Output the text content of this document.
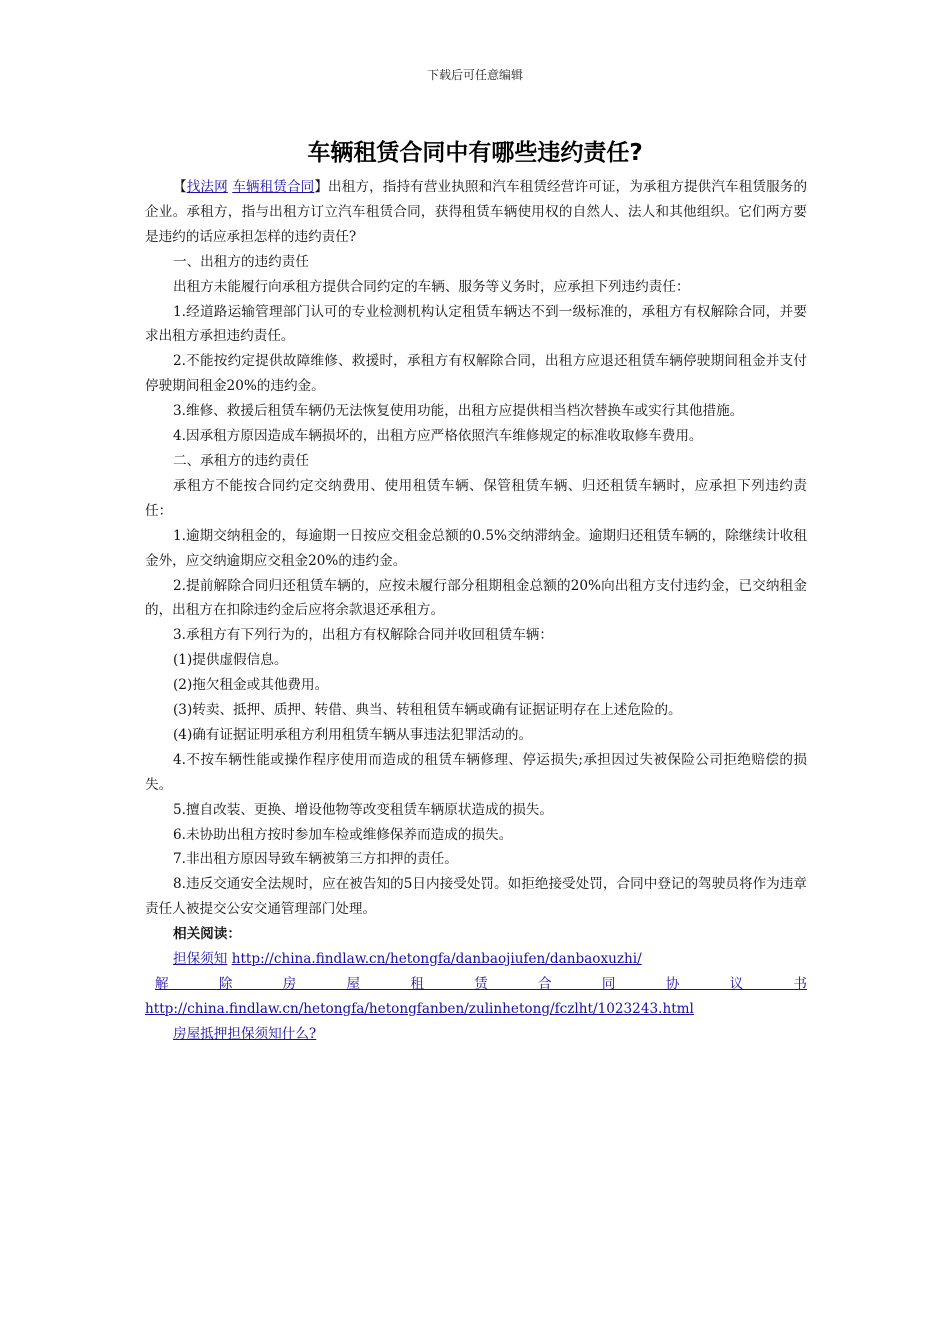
下载后可任意编辑
车辆租赁合同中有哪些违约责任?

【找法网 车辆租赁合同】出租方，指持有营业执照和汽车租赁经营许可证，为承租方提供汽车租赁服务的企业。承租方，指与出租方订立汽车租赁合同，获得租赁车辆使用权的自然人、法人和其他组织。它们两方要是违约的话应承担怎样的违约责任?

一、出租方的违约责任

出租方未能履行向承租方提供合同约定的车辆、服务等义务时，应承担下列违约责任：

1.经道路运输管理部门认可的专业检测机构认定租赁车辆达不到一级标准的，承租方有权解除合同，并要求出租方承担违约责任。

2.不能按约定提供故障维修、救援时，承租方有权解除合同，出租方应退还租赁车辆停驶期间租金并支付停驶期间租金20%的违约金。

3.维修、救援后租赁车辆仍无法恢复使用功能，出租方应提供相当档次替换车或实行其他措施。

4.因承租方原因造成车辆损坏的，出租方应严格依照汽车维修规定的标准收取修车费用。

二、承租方的违约责任

承租方不能按合同约定交纳费用、使用租赁车辆、保管租赁车辆、归还租赁车辆时，应承担下列违约责任：

1.逾期交纳租金的，每逾期一日按应交租金总额的0.5%交纳滞纳金。逾期归还租赁车辆的，除继续计收租金外，应交纳逾期应交租金20%的违约金。

2.提前解除合同归还租赁车辆的，应按未履行部分租期租金总额的20%向出租方支付违约金，已交纳租金的，出租方在扣除违约金后应将余款退还承租方。

3.承租方有下列行为的，出租方有权解除合同并收回租赁车辆：

(1)提供虚假信息。

(2)拖欠租金或其他费用。

(3)转卖、抵押、质押、转借、典当、转租租赁车辆或确有证据证明存在上述危险的。

(4)确有证据证明承租方利用租赁车辆从事违法犯罪活动的。

4.不按车辆性能或操作程序使用而造成的租赁车辆修理、停运损失;承担因过失被保险公司拒绝赔偿的损失。

5.擅自改装、更换、增设他物等改变租赁车辆原状造成的损失。

6.未协助出租方按时参加车检或维修保养而造成的损失。

7.非出租方原因导致车辆被第三方扣押的责任。

8.违反交通安全法规时，应在被告知的5日内接受处罚。如拒绝接受处罚，合同中登记的驾驶员将作为违章责任人被提交公安交通管理部门处理。

相关阅读：

担保须知 http://china.findlaw.cn/hetongfa/danbaojiufen/danbaoxuzhi/

解除房屋租赁合同协议书 http://china.findlaw.cn/hetongfa/hetongfanben/zulinhetong/fczlht/1023243.html

房屋抵押担保须知什么?
